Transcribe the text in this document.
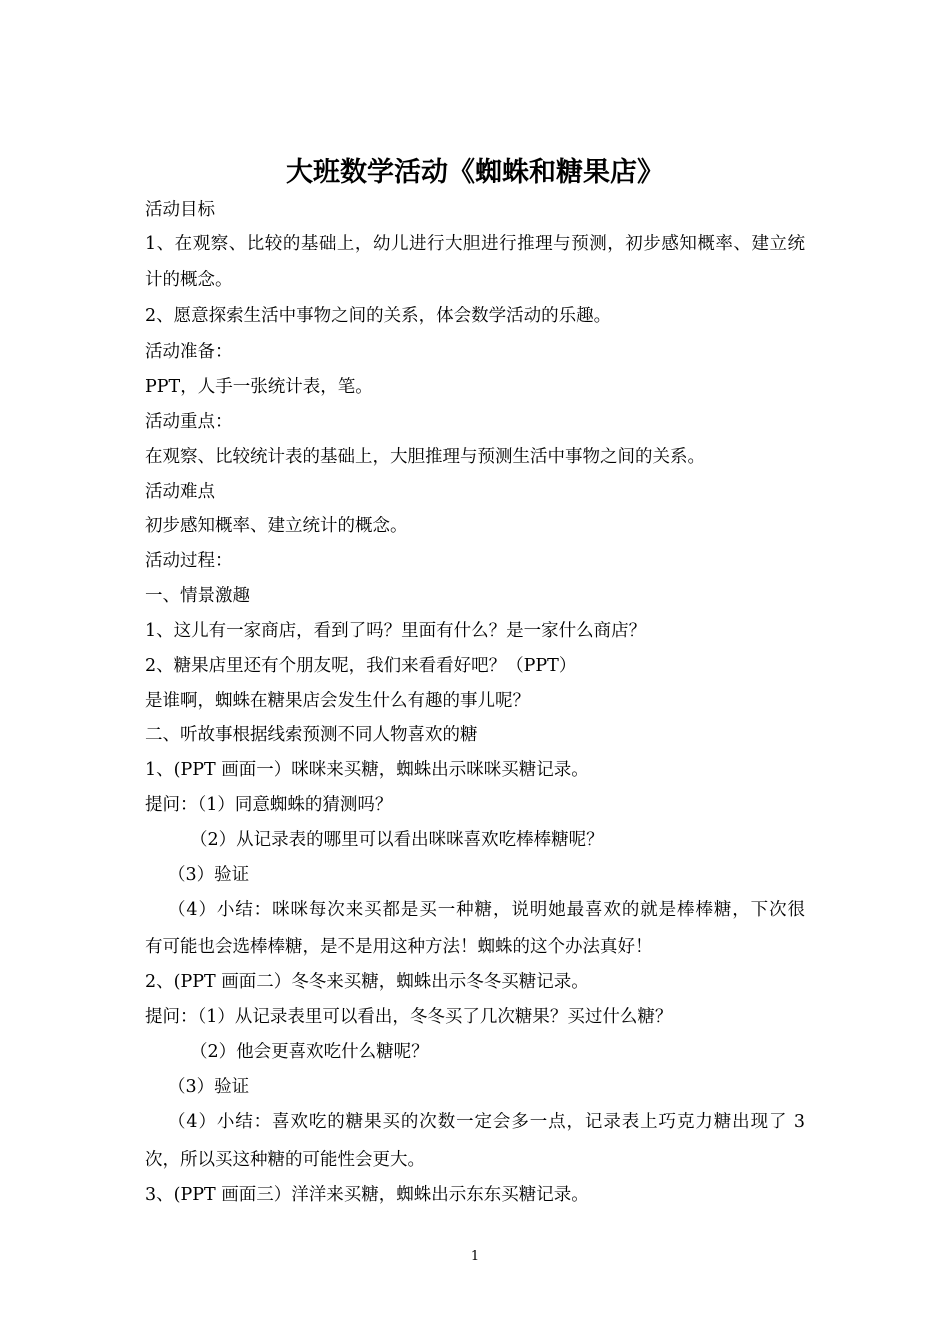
大班数学活动《蜘蛛和糖果店》
活动目标
1、在观察、比较的基础上，幼儿进行大胆进行推理与预测，初步感知概率、建立统
计的概念。
2、愿意探索生活中事物之间的关系，体会数学活动的乐趣。
活动准备：
PPT，人手一张统计表，笔。
活动重点：
在观察、比较统计表的基础上，大胆推理与预测生活中事物之间的关系。
活动难点
初步感知概率、建立统计的概念。
活动过程：
一、情景激趣
1、这儿有一家商店，看到了吗？里面有什么？是一家什么商店？
2、糖果店里还有个朋友呢，我们来看看好吧？（PPT）
是谁啊，蜘蛛在糖果店会发生什么有趣的事儿呢？
二、听故事根据线索预测不同人物喜欢的糖
1、(PPT 画面一）咪咪来买糖，蜘蛛出示咪咪买糖记录。
提问：（1）同意蜘蛛的猜测吗？
（2）从记录表的哪里可以看出咪咪喜欢吃棒棒糖呢？
（3）验证
（4）小结：咪咪每次来买都是买一种糖，说明她最喜欢的就是棒棒糖，下次很
有可能也会选棒棒糖，是不是用这种方法！蜘蛛的这个办法真好！
2、(PPT 画面二）冬冬来买糖，蜘蛛出示冬冬买糖记录。
提问：（1）从记录表里可以看出，冬冬买了几次糖果？买过什么糖？
（2）他会更喜欢吃什么糖呢？
（3）验证
（4）小结：喜欢吃的糖果买的次数一定会多一点，记录表上巧克力糖出现了 3
次，所以买这种糖的可能性会更大。
3、(PPT 画面三）洋洋来买糖，蜘蛛出示东东买糖记录。
1
